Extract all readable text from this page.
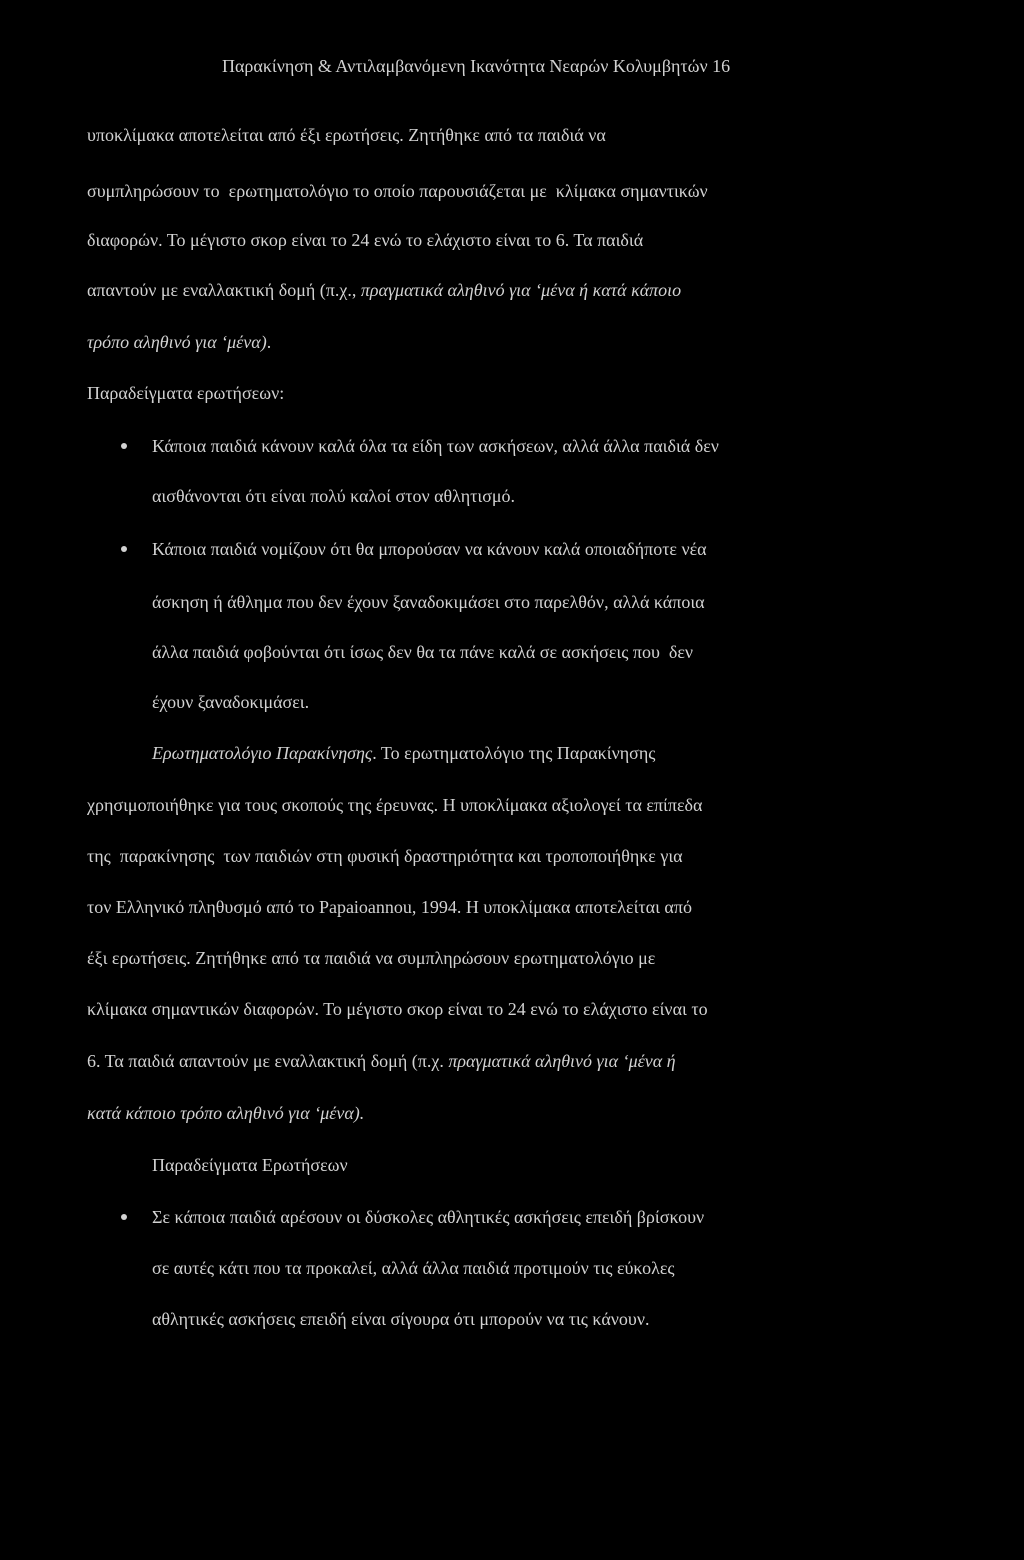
Παρακίνηση & Αντιλαμβανόμενη Ικανότητα Νεαρών Κολυμβητών 16
υποκλίμακα αποτελείται από έξι ερωτήσεις. Ζητήθηκε από τα παιδιά να
συμπληρώσουν το  ερωτηματολόγιο το οποίο παρουσιάζεται με  κλίμακα σημαντικών
διαφορών. Το μέγιστο σκορ είναι το 24 ενώ το ελάχιστο είναι το 6. Τα παιδιά
απαντούν με εναλλακτική δομή (π.χ., πραγματικά αληθινό για ‘μένα ή κατά κάποιο
τρόπο αληθινό για ‘μένα).
Παραδείγματα ερωτήσεων:
Κάποια παιδιά κάνουν καλά όλα τα είδη των ασκήσεων, αλλά άλλα παιδιά δεν
αισθάνονται ότι είναι πολύ καλοί στον αθλητισμό.
Κάποια παιδιά νομίζουν ότι θα μπορούσαν να κάνουν καλά οποιαδήποτε νέα
άσκηση ή άθλημα που δεν έχουν ξαναδοκιμάσει στο παρελθόν, αλλά κάποια
άλλα παιδιά φοβούνται ότι ίσως δεν θα τα πάνε καλά σε ασκήσεις που  δεν
έχουν ξαναδοκιμάσει.
Ερωτηματολόγιο Παρακίνησης. Το ερωτηματολόγιο της Παρακίνησης
χρησιμοποιήθηκε για τους σκοπούς της έρευνας. Η υποκλίμακα αξιολογεί τα επίπεδα
της  παρακίνησης  των παιδιών στη φυσική δραστηριότητα και τροποποιήθηκε για
τον Ελληνικό πληθυσμό από το Papaioannou, 1994. Η υποκλίμακα αποτελείται από
έξι ερωτήσεις. Ζητήθηκε από τα παιδιά να συμπληρώσουν ερωτηματολόγιο με
κλίμακα σημαντικών διαφορών. Το μέγιστο σκορ είναι το 24 ενώ το ελάχιστο είναι το
6. Τα παιδιά απαντούν με εναλλακτική δομή (π.χ. πραγματικά αληθινό για ‘μένα ή
κατά κάποιο τρόπο αληθινό για ‘μένα).
Παραδείγματα Ερωτήσεων
Σε κάποια παιδιά αρέσουν οι δύσκολες αθλητικές ασκήσεις επειδή βρίσκουν
σε αυτές κάτι που τα προκαλεί, αλλά άλλα παιδιά προτιμούν τις εύκολες
αθλητικές ασκήσεις επειδή είναι σίγουρα ότι μπορούν να τις κάνουν.
